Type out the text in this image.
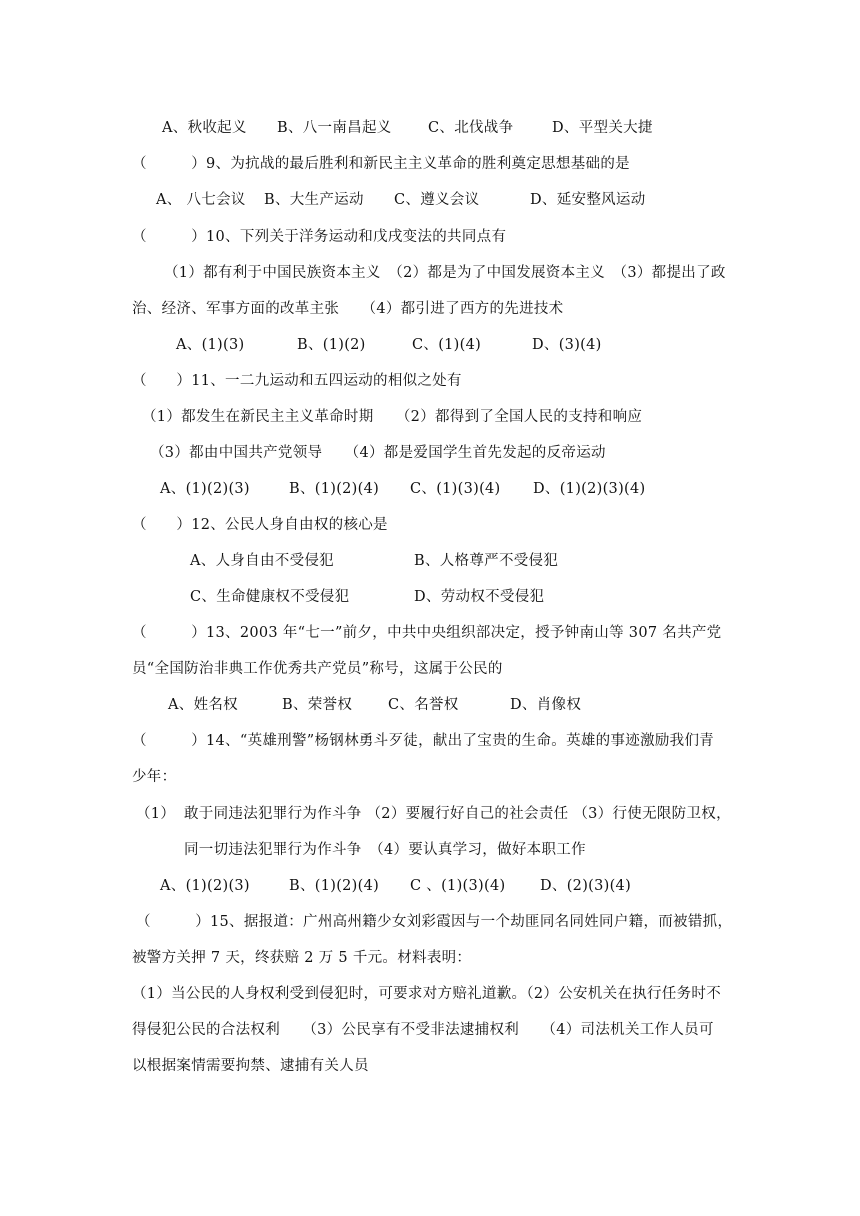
A、秋收起义 B、八一南昌起义	C、北伐战争	D、平型关大捷
（　　　）9、为抗战的最后胜利和新民主主义革命的胜利奠定思想基础的是
A、 八七会议 B、大生产运动 C、遵义会议	D、延安整风运动
（　　　）10、下列关于洋务运动和戊戌变法的共同点有
（1）都有利于中国民族资本主义　（2）都是为了中国发展资本主义　（3）都提出了政
治、经济、军事方面的改革主张　　（4）都引进了西方的先进技术
A、(1)(3)	B、(1)(2)	C、(1)(4)	D、(3)(4)
（　　）11、一二九运动和五四运动的相似之处有
（1）都发生在新民主主义革命时期　　（2）都得到了全国人民的支持和响应
（3）都由中国共产党领导　　（4）都是爱国学生首先发起的反帝运动
A、(1)(2)(3)	B、(1)(2)(4) C、(1)(3)(4) D、(1)(2)(3)(4)
（　　）12、公民人身自由权的核心是
A、人身自由不受侵犯	B、人格尊严不受侵犯
C、生命健康权不受侵犯	D、劳动权不受侵犯
（　　　）13、2003 年“七一”前夕，中共中央组织部决定，授予钟南山等 307 名共产党
员“全国防治非典工作优秀共产党员”称号，这属于公民的
A、姓名权	B、荣誉权 C、名誉权	D、肖像权
（　　　）14、“英雄刑警”杨钢林勇斗歹徒，献出了宝贵的生命。英雄的事迹激励我们青
少年：
（1） 敢于同违法犯罪行为作斗争 （2）要履行好自己的社会责任 （3）行使无限防卫权，
同一切违法犯罪行为作斗争　（4）要认真学习，做好本职工作
A、(1)(2)(3)	B、(1)(2)(4) C 、(1)(3)(4) D、(2)(3)(4)
（　　　）15、据报道：广州高州籍少女刘彩霞因与一个劫匪同名同姓同户籍，而被错抓，
被警方关押 7 天，终获赔 2 万 5 千元。材料表明：
（1）当公民的人身权利受到侵犯时，可要求对方赔礼道歉。（2）公安机关在执行任务时不
得侵犯公民的合法权利　　（3）公民享有不受非法逮捕权利　　（4）司法机关工作人员可
以根据案情需要拘禁、逮捕有关人员
